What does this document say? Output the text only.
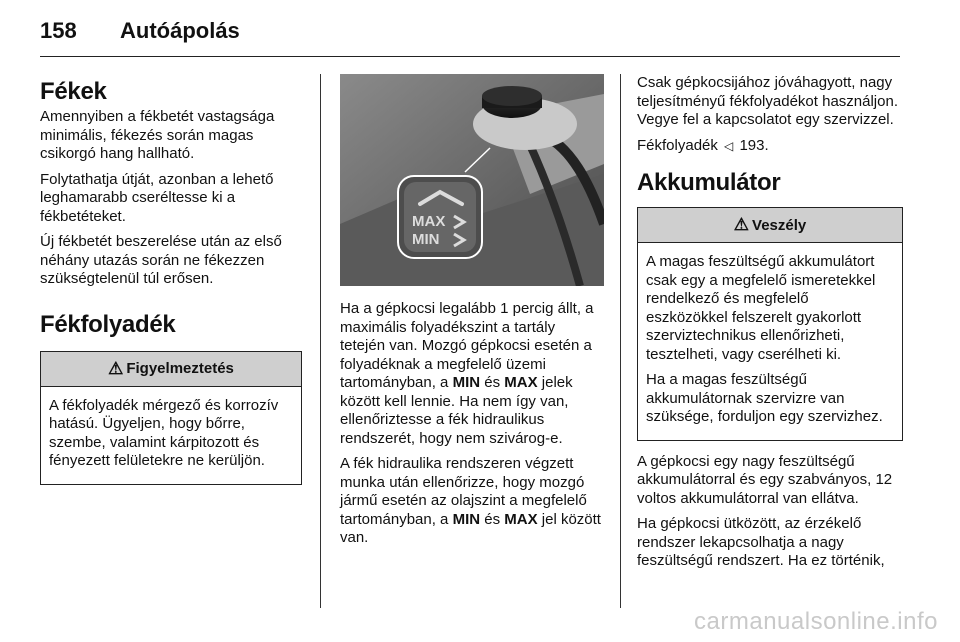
158 Autóápolás
Fékek

Amennyiben a fékbetét vastagsága minimális, fékezés során magas csikorgó hang hallható.

Folytathatja útját, azonban a lehető leghamarabb cseréltesse ki a fékbetéteket.

Új fékbetét beszerelése után az első néhány utazás során ne fékezzen szükségtelenül túl erősen.

Fékfolyadék
⚠ Figyelmeztetés

A fékfolyadék mérgező és korrozív hatású. Ügyeljen, hogy bőrre, szembe, valamint kárpitozott és fényezett felületekre ne kerüljön.

MAX
MIN

Ha a gépkocsi legalább 1 percig állt, a maximális folyadékszint a tartály tetején van. Mozgó gépkocsi esetén a folyadéknak a megfelelő üzemi tartományban, a MIN és MAX jelek között kell lennie. Ha nem így van, ellenőriztesse a fék hidraulikus rendszerét, hogy nem szivárog-e.

A fék hidraulika rendszeren végzett munka után ellenőrizze, hogy mozgó jármű esetén az olajszint a megfelelő tartományban, a MIN és MAX jel között van.

Csak gépkocsijához jóváhagyott, nagy teljesítményű fékfolyadékot használjon. Vegye fel a kapcsolatot egy szervizzel.

Fékfolyadék ◁ 193.

Akkumulátor
⚠ Veszély

A magas feszültségű akkumulátort csak egy a megfelelő ismeretekkel rendelkező és megfelelő eszközökkel felszerelt gyakorlott szerviztechnikus ellenőrizheti, tesztelheti, vagy cserélheti ki.

Ha a magas feszültségű akkumulátornak szervizre van szüksége, forduljon egy szervizhez.

A gépkocsi egy nagy feszültségű akkumulátorral és egy szabványos, 12 voltos akkumulátorral van ellátva.

Ha gépkocsi ütközött, az érzékelő rendszer lekapcsolhatja a nagy feszültségű rendszert. Ha ez történik,

carmanualsonline.info
